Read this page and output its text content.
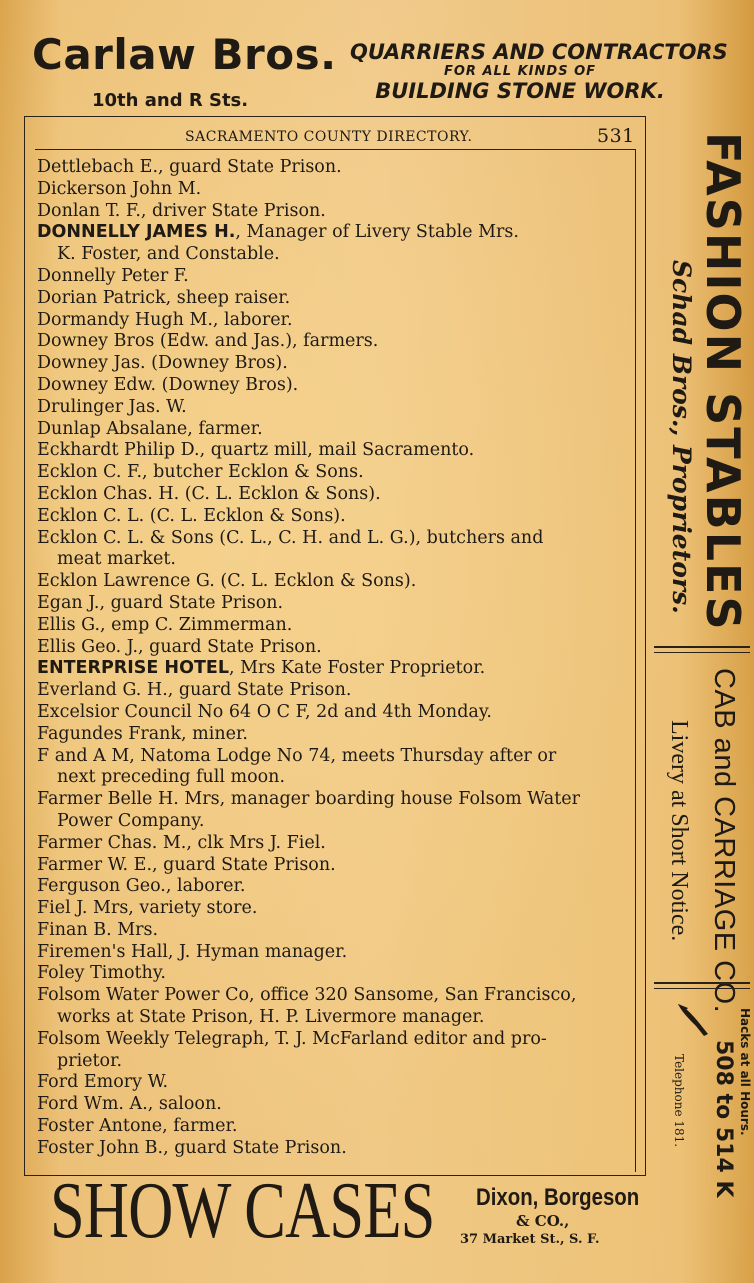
Carlaw Bros.
10th and R Sts.
QUARRIERS AND CONTRACTORS
FOR ALL KINDS OF
BUILDING STONE WORK.
SACRAMENTO COUNTY DIRECTORY.	531
Dettlebach E., guard State Prison.
Dickerson John M.
Donlan T. F., driver State Prison.
DONNELLY JAMES H., Manager of Livery Stable Mrs.
K. Foster, and Constable.
Donnelly Peter F.
Dorian Patrick, sheep raiser.
Dormandy Hugh M., laborer.
Downey Bros (Edw. and Jas.), farmers.
Downey Jas. (Downey Bros).
Downey Edw. (Downey Bros).
Drulinger Jas. W.
Dunlap Absalane, farmer.
Eckhardt Philip D., quartz mill, mail Sacramento.
Ecklon C. F., butcher Ecklon & Sons.
Ecklon Chas. H. (C. L. Ecklon & Sons).
Ecklon C. L. (C. L. Ecklon & Sons).
Ecklon C. L. & Sons (C. L., C. H. and L. G.), butchers and
meat market.
Ecklon Lawrence G. (C. L. Ecklon & Sons).
Egan J., guard State Prison.
Ellis G., emp C. Zimmerman.
Ellis Geo. J., guard State Prison.
ENTERPRISE HOTEL, Mrs Kate Foster Proprietor.
Everland G. H., guard State Prison.
Excelsior Council No 64 O C F, 2d and 4th Monday.
Fagundes Frank, miner.
F and A M, Natoma Lodge No 74, meets Thursday after or
next preceding full moon.
Farmer Belle H. Mrs, manager boarding house Folsom Water
Power Company.
Farmer Chas. M., clk Mrs J. Fiel.
Farmer W. E., guard State Prison.
Ferguson Geo., laborer.
Fiel J. Mrs, variety store.
Finan B. Mrs.
Firemen's Hall, J. Hyman manager.
Foley Timothy.
Folsom Water Power Co, office 320 Sansome, San Francisco,
works at State Prison, H. P. Livermore manager.
Folsom Weekly Telegraph, T. J. McFarland editor and pro-
prietor.
Ford Emory W.
Ford Wm. A., saloon.
Foster Antone, farmer.
Foster John B., guard State Prison.
FASHION STABLES
Schad Bros., Proprietors.
CAB and CARRIAGE CO.
Livery at Short Notice.
Hacks at all Hours.
508 to 514 K
Telephone 181.
SHOW CASES Dixon, Borgeson
& CO.,
37 Market St., S. F.
